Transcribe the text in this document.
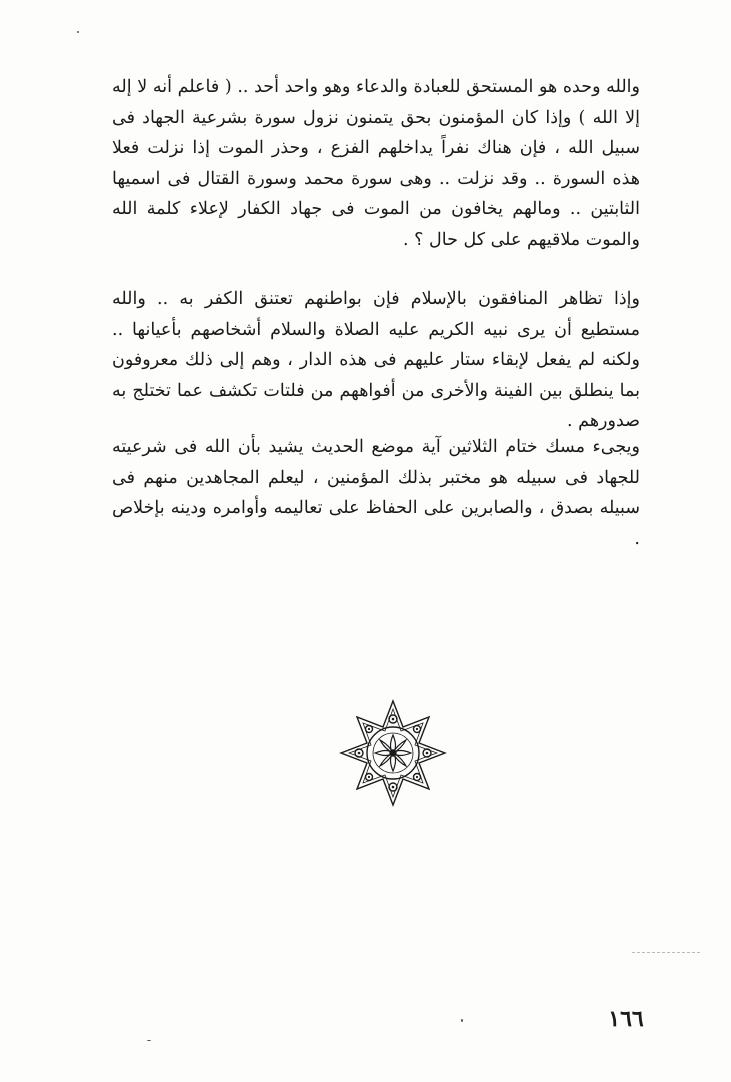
والله وحده هو المستحق للعبادة والدعاء وهو واحد أحد .. ( فاعلم أنه لا إله إلا الله ) وإذا كان المؤمنون بحق يتمنون نزول سورة بشرعية الجهاد فى سبيل الله ، فإن هناك نفراً يداخلهم الفزع ، وحذر الموت إذا نزلت فعلا هذه السورة .. وقد نزلت .. وهى سورة محمد وسورة القتال فى اسميها الثابتين .. ومالهم يخافون من الموت فى جهاد الكفار لإعلاء كلمة الله والموت ملاقيهم على كل حال ؟ .

وإذا تظاهر المنافقون بالإسلام فإن بواطنهم تعتنق الكفر به .. والله مستطيع أن يرى نبيه الكريم عليه الصلاة والسلام أشخاصهم بأعيانها .. ولكنه لم يفعل لإبقاء ستار عليهم فى هذه الدار ، وهم إلى ذلك معروفون بما ينطلق بين الفينة والأخرى من أفواههم من فلتات تكشف عما تختلج به صدورهم .

ويجىء مسك ختام الثلاثين آية موضع الحديث يشيد بأن الله فى شرعيته للجهاد فى سبيله هو مختبر بذلك المؤمنين ، ليعلم المجاهدين منهم فى سبيله بصدق ، والصابرين على الحفاظ على تعاليمه وأوامره ودينه بإخلاص .

١٦٦
